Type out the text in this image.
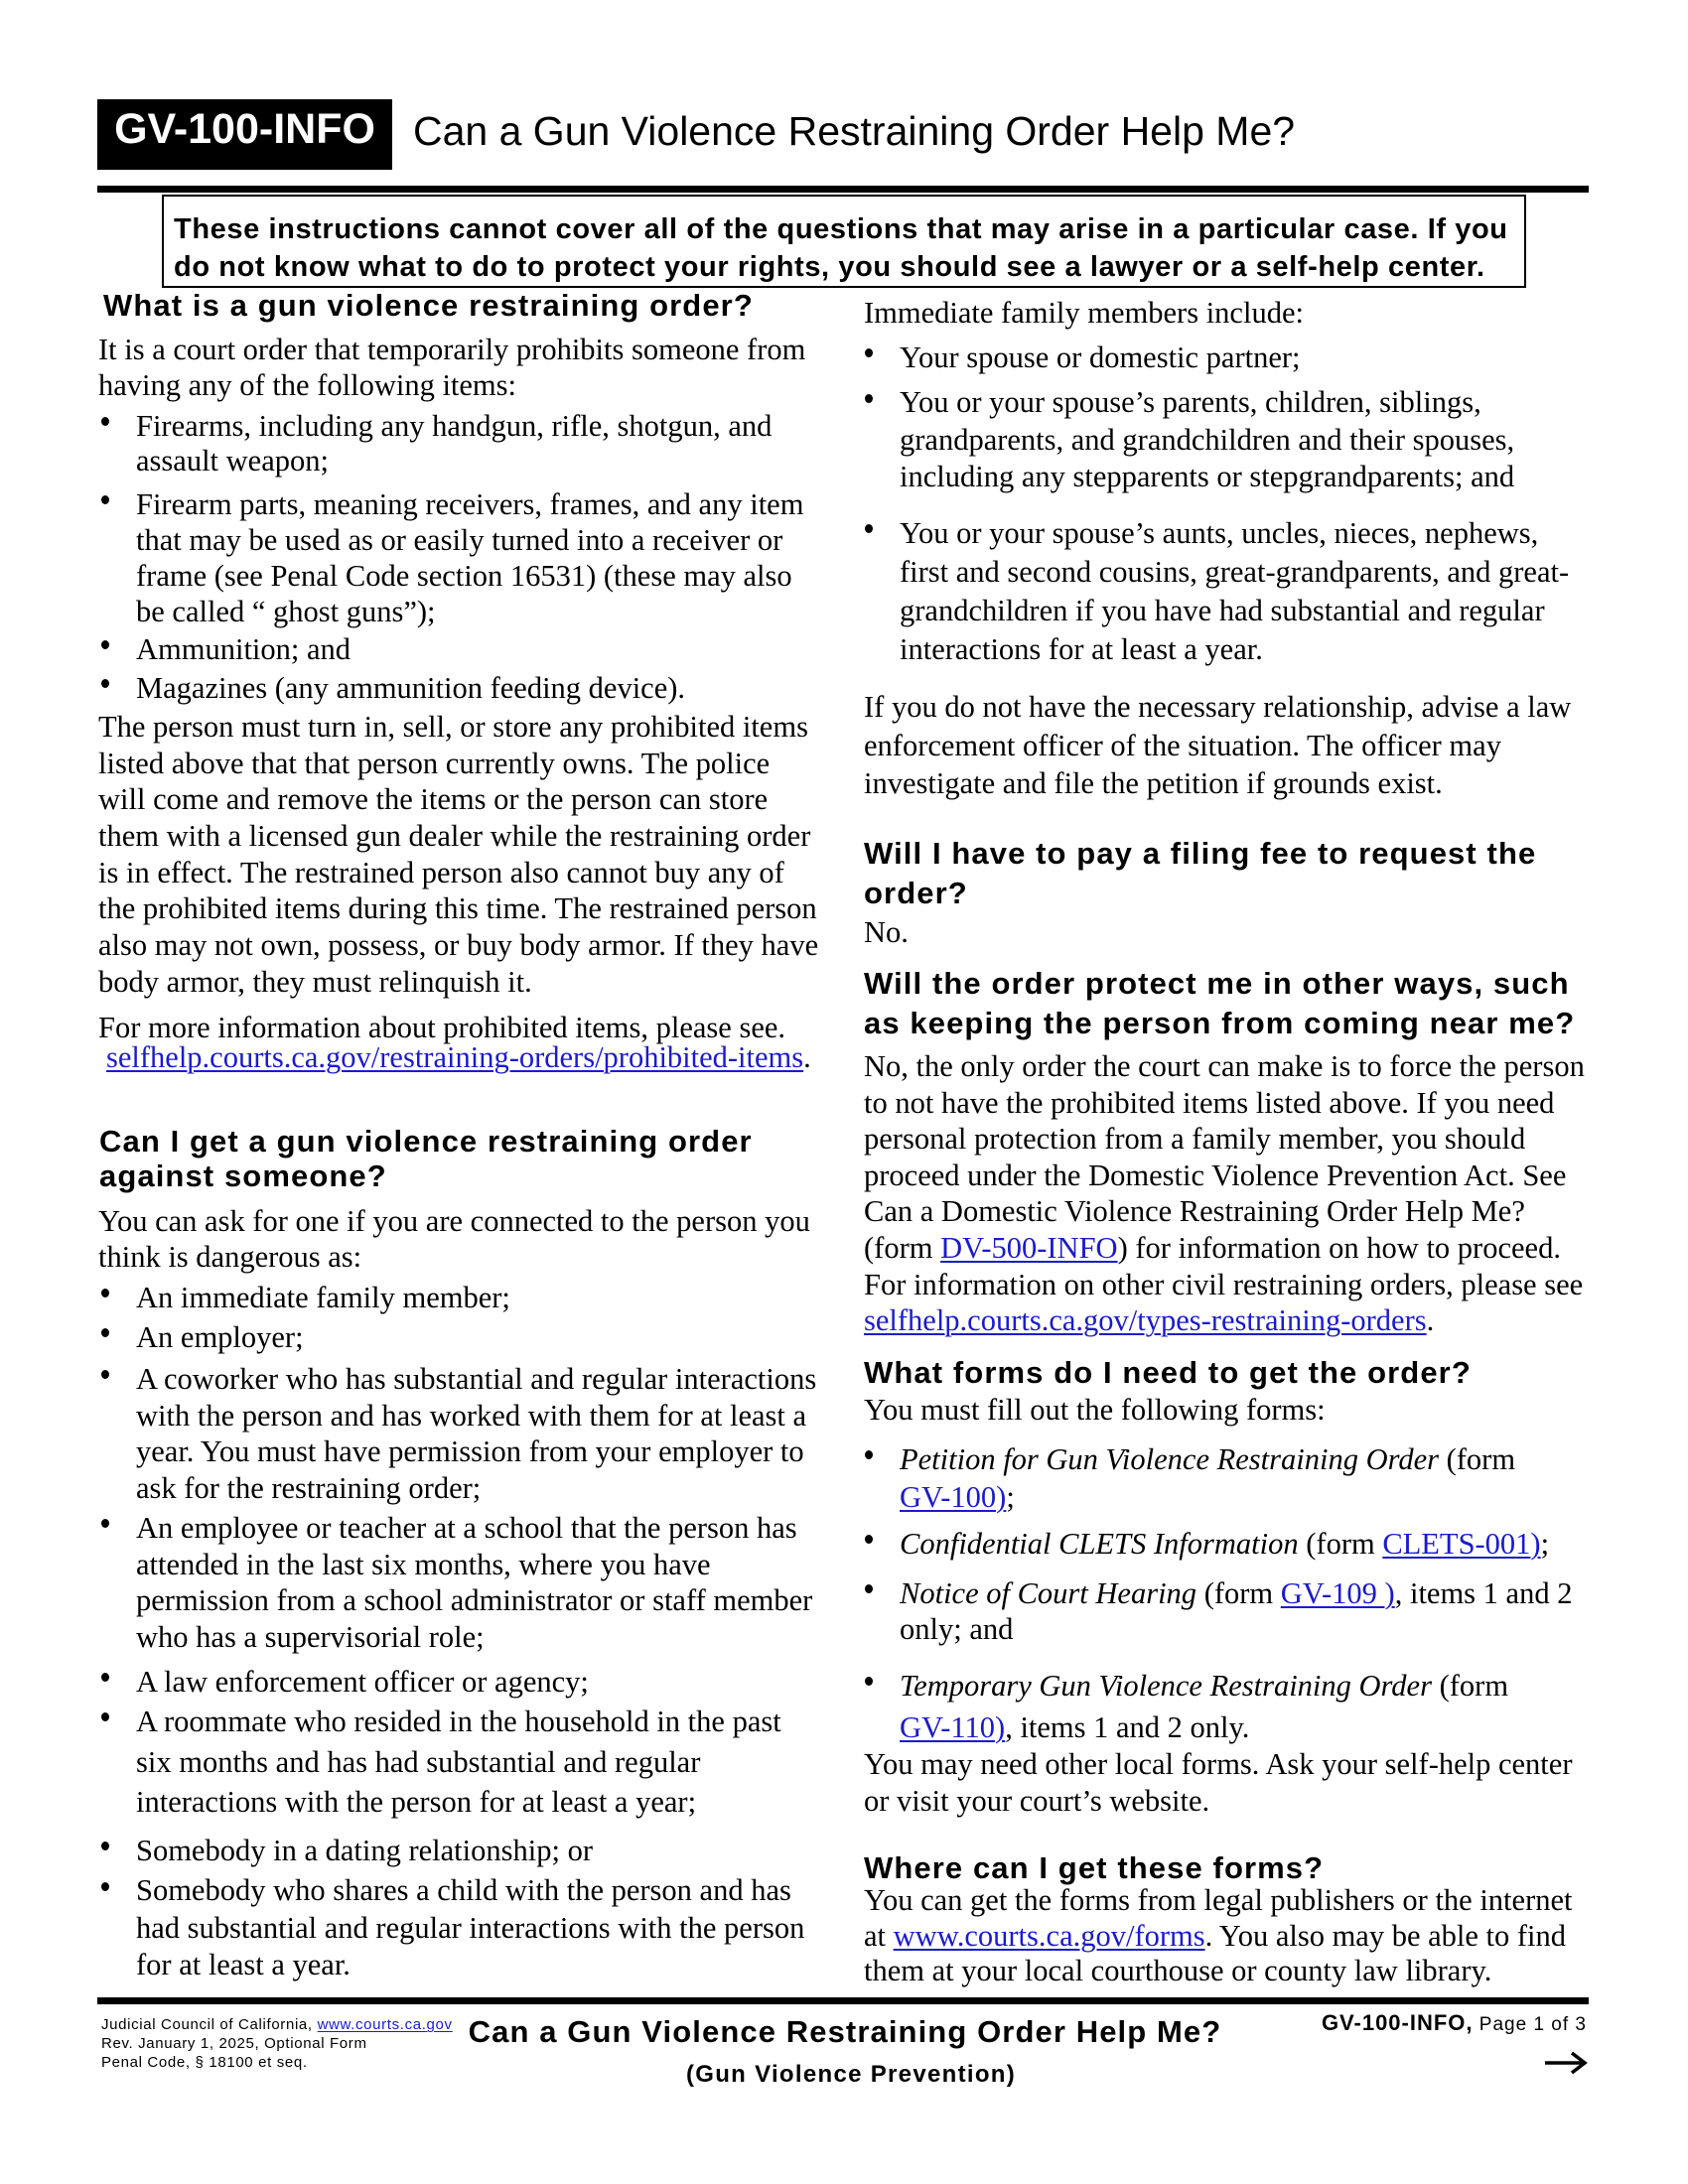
GV-100-INFO Can a Gun Violence Restraining Order Help Me?
These instructions cannot cover all of the questions that may arise in a particular case. If you
do not know what to do to protect your rights, you should see a lawyer or a self-help center.
What is a gun violence restraining order?
It is a court order that temporarily prohibits someone from
having any of the following items:
Firearms, including any handgun, rifle, shotgun, and
assault weapon;
Firearm parts, meaning receivers, frames, and any item
that may be used as or easily turned into a receiver or
frame (see Penal Code section 16531) (these may also
be called “ ghost guns”);
Ammunition; and
Magazines (any ammunition feeding device).
The person must turn in, sell, or store any prohibited items
listed above that that person currently owns. The police
will come and remove the items or the person can store
them with a licensed gun dealer while the restraining order
is in effect. The restrained person also cannot buy any of
the prohibited items during this time. The restrained person
also may not own, possess, or buy body armor. If they have
body armor, they must relinquish it.
For more information about prohibited items, please see.
selfhelp.courts.ca.gov/restraining-orders/prohibited-items.
Can I get a gun violence restraining order
against someone?
You can ask for one if you are connected to the person you
think is dangerous as:
An immediate family member;
An employer;
A coworker who has substantial and regular interactions
with the person and has worked with them for at least a
year. You must have permission from your employer to
ask for the restraining order;
An employee or teacher at a school that the person has
attended in the last six months, where you have
permission from a school administrator or staff member
who has a supervisorial role;
A law enforcement officer or agency;
A roommate who resided in the household in the past
six months and has had substantial and regular
interactions with the person for at least a year;
Somebody in a dating relationship; or
Somebody who shares a child with the person and has
had substantial and regular interactions with the person
for at least a year.
Immediate family members include:
Your spouse or domestic partner;
You or your spouse’s parents, children, siblings,
grandparents, and grandchildren and their spouses,
including any stepparents or stepgrandparents; and
You or your spouse’s aunts, uncles, nieces, nephews,
first and second cousins, great-grandparents, and great-
grandchildren if you have had substantial and regular
interactions for at least a year.
If you do not have the necessary relationship, advise a law
enforcement officer of the situation. The officer may
investigate and file the petition if grounds exist.
Will I have to pay a filing fee to request the
order?
No.
Will the order protect me in other ways, such
as keeping the person from coming near me?
No, the only order the court can make is to force the person
to not have the prohibited items listed above. If you need
personal protection from a family member, you should
proceed under the Domestic Violence Prevention Act. See
Can a Domestic Violence Restraining Order Help Me?
(form DV-500-INFO) for information on how to proceed.
For information on other civil restraining orders, please see
selfhelp.courts.ca.gov/types-restraining-orders.
What forms do I need to get the order?
You must fill out the following forms:
Petition for Gun Violence Restraining Order (form
GV-100);
Confidential CLETS Information (form CLETS-001);
Notice of Court Hearing (form GV-109 ), items 1 and 2
only; and
Temporary Gun Violence Restraining Order (form
GV-110), items 1 and 2 only.
You may need other local forms. Ask your self-help center
or visit your court’s website.
Where can I get these forms?
You can get the forms from legal publishers or the internet
at www.courts.ca.gov/forms. You also may be able to find
them at your local courthouse or county law library.
Judicial Council of California, www.courts.ca.gov
Rev. January 1, 2025, Optional Form
Penal Code, § 18100 et seq.
Can a Gun Violence Restraining Order Help Me?
(Gun Violence Prevention)
GV-100-INFO, Page 1 of 3
